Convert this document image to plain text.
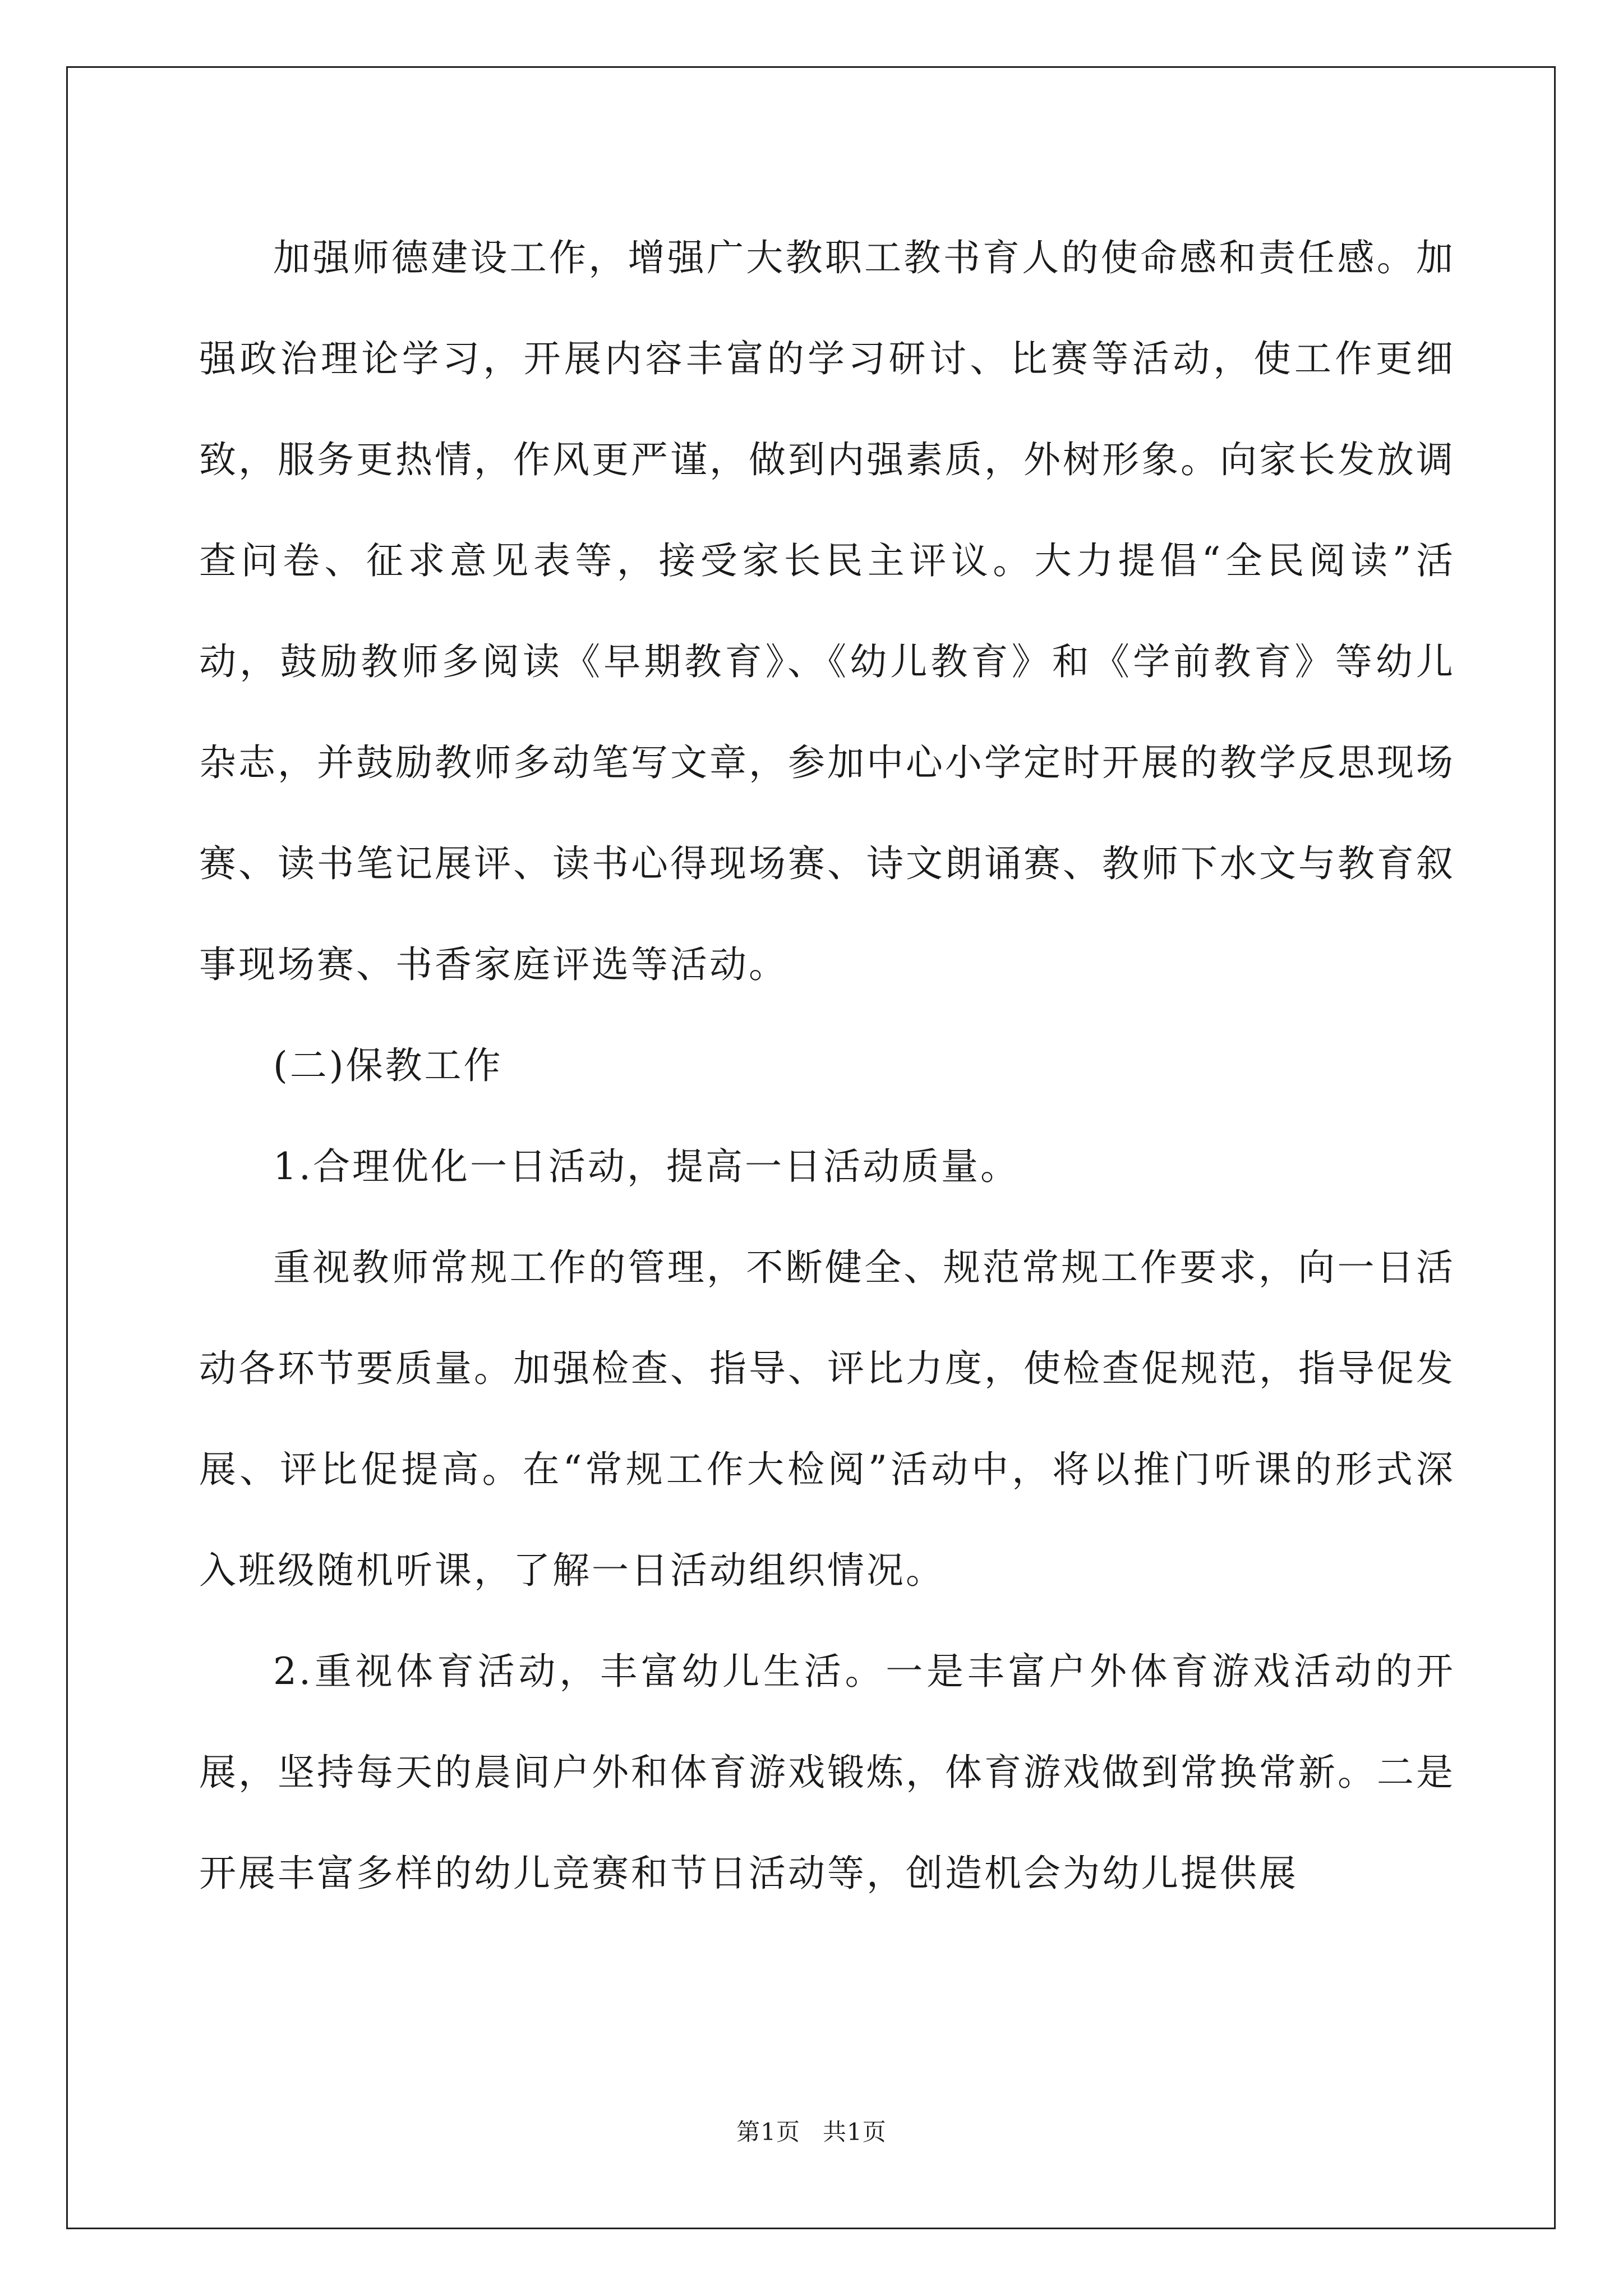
加强师德建设工作，增强广大教职工教书育人的使命感和责任感。加强政治理论学习，开展内容丰富的学习研讨、比赛等活动，使工作更细致，服务更热情，作风更严谨，做到内强素质，外树形象。向家长发放调查问卷、征求意见表等，接受家长民主评议。大力提倡“全民阅读”活动，鼓励教师多阅读《早期教育》、《幼儿教育》和《学前教育》等幼儿杂志，并鼓励教师多动笔写文章，参加中心小学定时开展的教学反思现场赛、读书笔记展评、读书心得现场赛、诗文朗诵赛、教师下水文与教育叙事现场赛、书香家庭评选等活动。

(二)保教工作

1.合理优化一日活动，提高一日活动质量。

重视教师常规工作的管理，不断健全、规范常规工作要求，向一日活动各环节要质量。加强检查、指导、评比力度，使检查促规范，指导促发展、评比促提高。在“常规工作大检阅”活动中，将以推门听课的形式深入班级随机听课，了解一日活动组织情况。

2.重视体育活动，丰富幼儿生活。一是丰富户外体育游戏活动的开展，坚持每天的晨间户外和体育游戏锻炼，体育游戏做到常换常新。二是开展丰富多样的幼儿竞赛和节日活动等，创造机会为幼儿提供展

第1页 共1页
